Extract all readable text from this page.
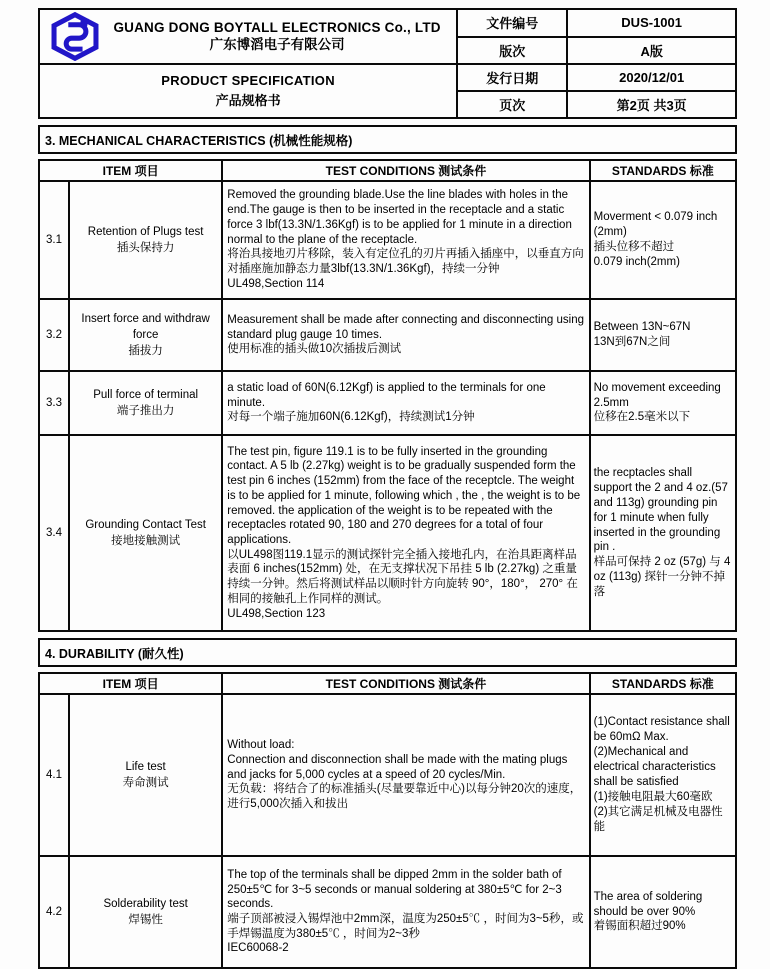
GUANG DONG BOYTALL ELECTRONICS Co., LTD
广东博滔电子有限公司	文件编号	DUS-1001
	版次	A版

PRODUCT SPECIFICATION
产品规格书	发行日期	2020/12/01
	页次	第2页 共3页
3. MECHANICAL CHARACTERISTICS (机械性能规格)
ITEM 项目		TEST CONDITIONS 测试条件	STANDARDS 标准
3.1	
Retention of Plugs test
插头保持力

Removed the grounding blade.Use the line blades with holes in the end.The gauge is then to be inserted in the receptacle and a static force 3 lbf(13.3N/1.36Kgf) is to be applied for 1 minute in a direction normal to the plane of the receptacle.
将治具接地刃片移除，装入有定位孔的刃片再插入插座中，以垂直方向对插座施加静态力量3lbf(13.3N/1.36Kgf)，持续一分钟
UL498,Section 114

Moverment < 0.079 inch (2mm)
插头位移不超过
0.079 inch(2mm)

3.2	
Insert force and withdraw force
插拔力

Measurement shall be made after connecting and disconnecting using standard plug gauge 10 times.
使用标准的插头做10次插拔后测试

Between 13N~67N
13N到67N之间

3.3	
Pull force of terminal
端子推出力

a static load of 60N(6.12Kgf) is applied to the terminals for one minute.
对每一个端子施加60N(6.12Kgf)，持续测试1分钟

No movement exceeding 2.5mm
位移在2.5毫米以下

3.4	
Grounding Contact Test
接地接触测试

The test pin, figure 119.1 is to be fully inserted in the grounding contact. A 5 lb (2.27kg) weight is to be gradually suspended form the test pin 6 inches (152mm) from the face of the receptcle. The weight is to be applied for 1 minute, following which , the , the weight is to be removed. the application of the weight is to be repeated with the receptacles rotated 90, 180 and 270 degrees for a total of four applications.
以UL498图119.1显示的测试探针完全插入接地孔内，在治具距离样品表面 6 inches(152mm) 处，在无支撑状况下吊挂 5 lb (2.27kg) 之重量持续一分钟。然后将测试样品以顺时针方向旋转 90°，180°， 270° 在相同的接触孔上作同样的测试。
UL498,Section 123

the recptacles shall support the 2 and 4 oz.(57 and 113g) grounding pin for 1 minute when fully inserted in the grounding pin .
样品可保持 2 oz (57g) 与 4 oz (113g) 探针一分钟不掉落
4. DURABILITY (耐久性)
ITEM 项目		TEST CONDITIONS 测试条件	STANDARDS 标准
4.1	
Life test
寿命测试

Without load:
Connection and disconnection shall be made with the mating plugs and jacks for 5,000 cycles at a speed of 20 cycles/Min.
无负载：将结合了的标准插头(尽量要靠近中心)以每分钟20次的速度，进行5,000次插入和拔出

(1)Contact resistance shall be 60mΩ Max.
(2)Mechanical and electrical characteristics shall be satisfied
(1)接触电阻最大60毫欧
(2)其它满足机械及电器性能

4.2	
Solderability test
焊锡性

The top of the terminals shall be dipped 2mm in the solder bath of 250±5℃ for 3~5 seconds or manual soldering at 380±5℃ for 2~3 seconds.
端子顶部被浸入锡焊池中2mm深，温度为250±5℃ ，时间为3~5秒，或手焊锡温度为380±5℃ ，时间为2~3秒
IEC60068-2

The area of soldering should be over 90%
着锡面积超过90%
